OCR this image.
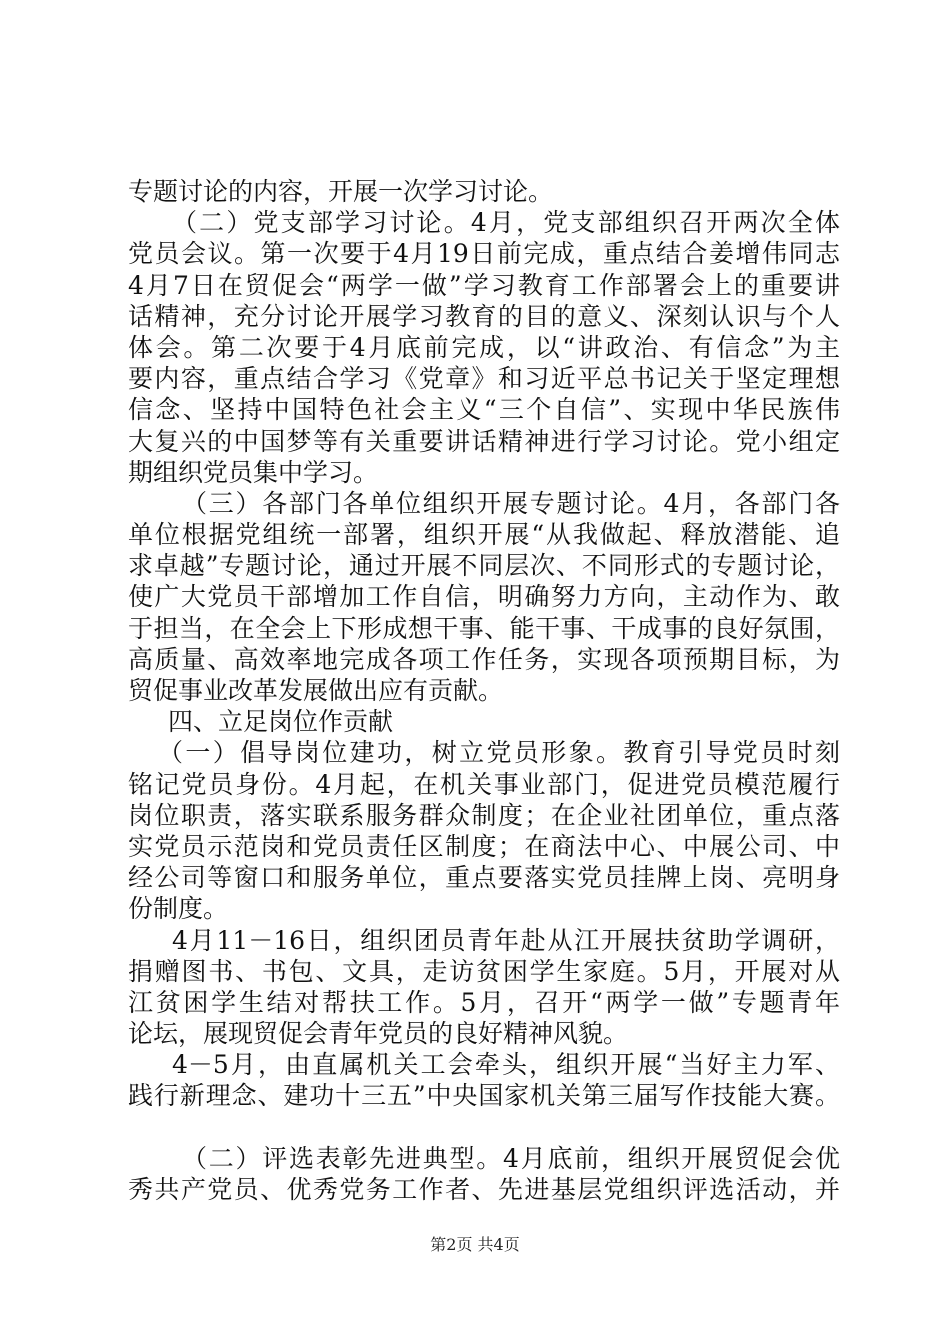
专题讨论的内容，开展一次学习讨论。
（二）党支部学习讨论。4月，党支部组织召开两次全体
党员会议。第一次要于4月19日前完成，重点结合姜增伟同志
4月7日在贸促会“两学一做”学习教育工作部署会上的重要讲
话精神，充分讨论开展学习教育的目的意义、深刻认识与个人
体会。第二次要于4月底前完成，以“讲政治、有信念”为主
要内容，重点结合学习《党章》和习近平总书记关于坚定理想
信念、坚持中国特色社会主义“三个自信”、实现中华民族伟
大复兴的中国梦等有关重要讲话精神进行学习讨论。党小组定
期组织党员集中学习。
（三）各部门各单位组织开展专题讨论。4月，各部门各
单位根据党组统一部署，组织开展“从我做起、释放潜能、追
求卓越”专题讨论，通过开展不同层次、不同形式的专题讨论，
使广大党员干部增加工作自信，明确努力方向，主动作为、敢
于担当，在全会上下形成想干事、能干事、干成事的良好氛围，
高质量、高效率地完成各项工作任务，实现各项预期目标，为
贸促事业改革发展做出应有贡献。
四、立足岗位作贡献
（一）倡导岗位建功，树立党员形象。教育引导党员时刻
铭记党员身份。4月起，在机关事业部门，促进党员模范履行
岗位职责，落实联系服务群众制度；在企业社团单位，重点落
实党员示范岗和党员责任区制度；在商法中心、中展公司、中
经公司等窗口和服务单位，重点要落实党员挂牌上岗、亮明身
份制度。
4月11－16日，组织团员青年赴从江开展扶贫助学调研，
捐赠图书、书包、文具，走访贫困学生家庭。5月，开展对从
江贫困学生结对帮扶工作。5月，召开“两学一做”专题青年
论坛，展现贸促会青年党员的良好精神风貌。
4－5月，由直属机关工会牵头，组织开展“当好主力军、
践行新理念、建功十三五”中央国家机关第三届写作技能大赛。
（二）评选表彰先进典型。4月底前，组织开展贸促会优
秀共产党员、优秀党务工作者、先进基层党组织评选活动，并
第2页 共4页
